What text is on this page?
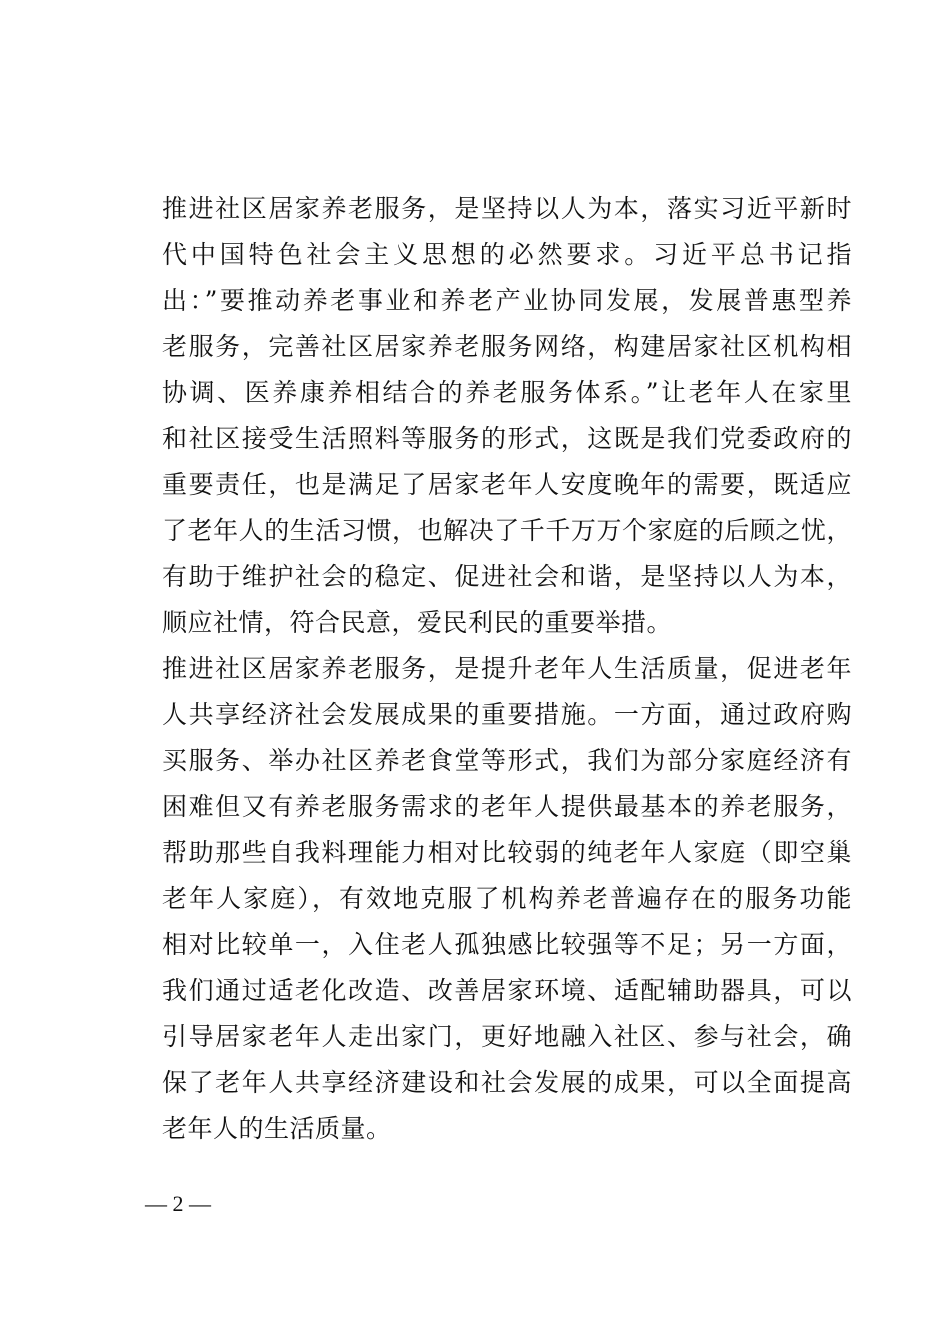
推进社区居家养老服务，是坚持以人为本，落实习近平新时
代中国特色社会主义思想的必然要求。习近平总书记指
出：”要推动养老事业和养老产业协同发展，发展普惠型养
老服务，完善社区居家养老服务网络，构建居家社区机构相
协调、医养康养相结合的养老服务体系。”让老年人在家里
和社区接受生活照料等服务的形式，这既是我们党委政府的
重要责任，也是满足了居家老年人安度晚年的需要，既适应
了老年人的生活习惯，也解决了千千万万个家庭的后顾之忧，
有助于维护社会的稳定、促进社会和谐，是坚持以人为本，
顺应社情，符合民意，爱民利民的重要举措。
推进社区居家养老服务，是提升老年人生活质量，促进老年
人共享经济社会发展成果的重要措施。一方面，通过政府购
买服务、举办社区养老食堂等形式，我们为部分家庭经济有
困难但又有养老服务需求的老年人提供最基本的养老服务，
帮助那些自我料理能力相对比较弱的纯老年人家庭（即空巢
老年人家庭），有效地克服了机构养老普遍存在的服务功能
相对比较单一，入住老人孤独感比较强等不足；另一方面，
我们通过适老化改造、改善居家环境、适配辅助器具，可以
引导居家老年人走出家门，更好地融入社区、参与社会，确
保了老年人共享经济建设和社会发展的成果，可以全面提高
老年人的生活质量。
— 2 —
